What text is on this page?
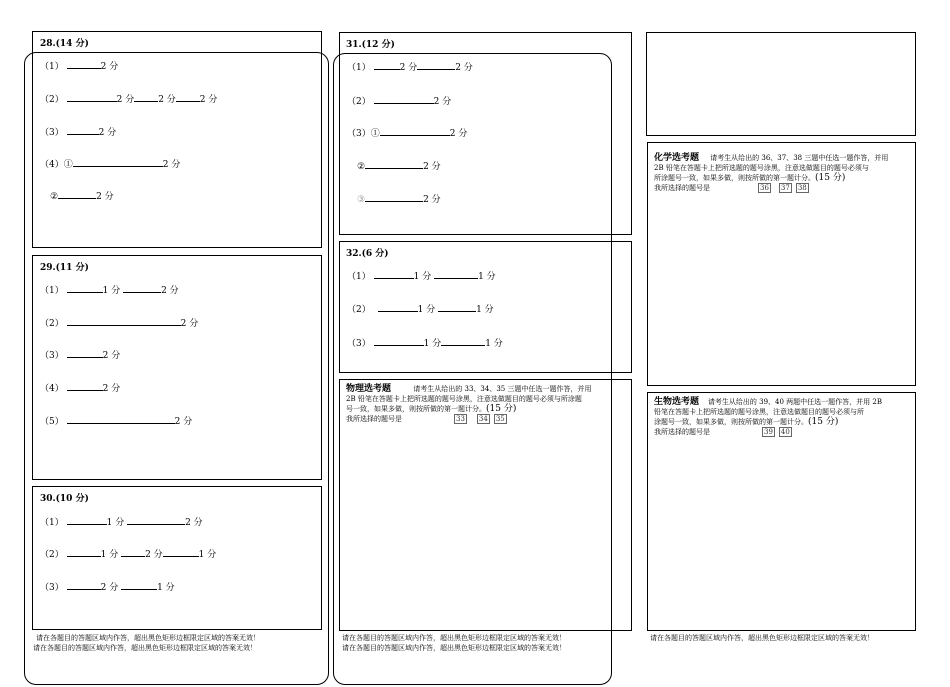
28.(14 分)
（1）	2 分
（2）	2 分	2 分	2 分
（3）	2 分
（4）①	2 分
②	2 分
29.(11 分)
（1）	1 分	2 分
（2）	2 分
（3）	2 分
（4）	2 分
（5）	2 分
30.(10 分)
（1）	1 分	2 分
（2）	1 分	2 分	1 分
（3）	2 分	1 分
请在各题目的答题区域内作答，超出黑色矩形边框限定区域的答案无效！
请在各题目的答题区域内作答，超出黑色矩形边框限定区域的答案无效！
31.(12 分)
（1）	2 分	2 分
（2）	2 分
（3）①	2 分
②	2 分
③	2 分
32.(6 分)
（1）	1 分	1 分
（2）	1 分	1 分
（3）	1 分	1 分
物理选考题	请考生从给出的 33、34、35 三题中任选一题作答，并用
2B 铅笔在答题卡上把所选题的题号涂黑，注意选做题目的题号必须与所涂题
号一致，如果多做，则按所做的第一题计分。(15 分)
我所选择的题号是	33 34 35
请在各题目的答题区域内作答，超出黑色矩形边框限定区域的答案无效！
请在各题目的答题区域内作答，超出黑色矩形边框限定区域的答案无效！
化学选考题 请考生从给出的 36、37、38 三题中任选一题作答，并用
2B 铅笔在答题卡上把所选题的题号涂黑，注意选做题目的题号必须与
所涂题号一致，如果多做，则按所做的第一题计分。(15 分)
我所选择的题号是	36 37 38
生物选考题 请考生从给出的 39、40 两题中任选一题作答，并用 2B
铅笔在答题卡上把所选题的题号涂黑，注意选做题目的题号必须与所
涂题号一致，如果多做，则按所做的第一题计分。(15 分)
我所选择的题号是	39 40
请在各题目的答题区域内作答，超出黑色矩形边框限定区域的答案无效！
